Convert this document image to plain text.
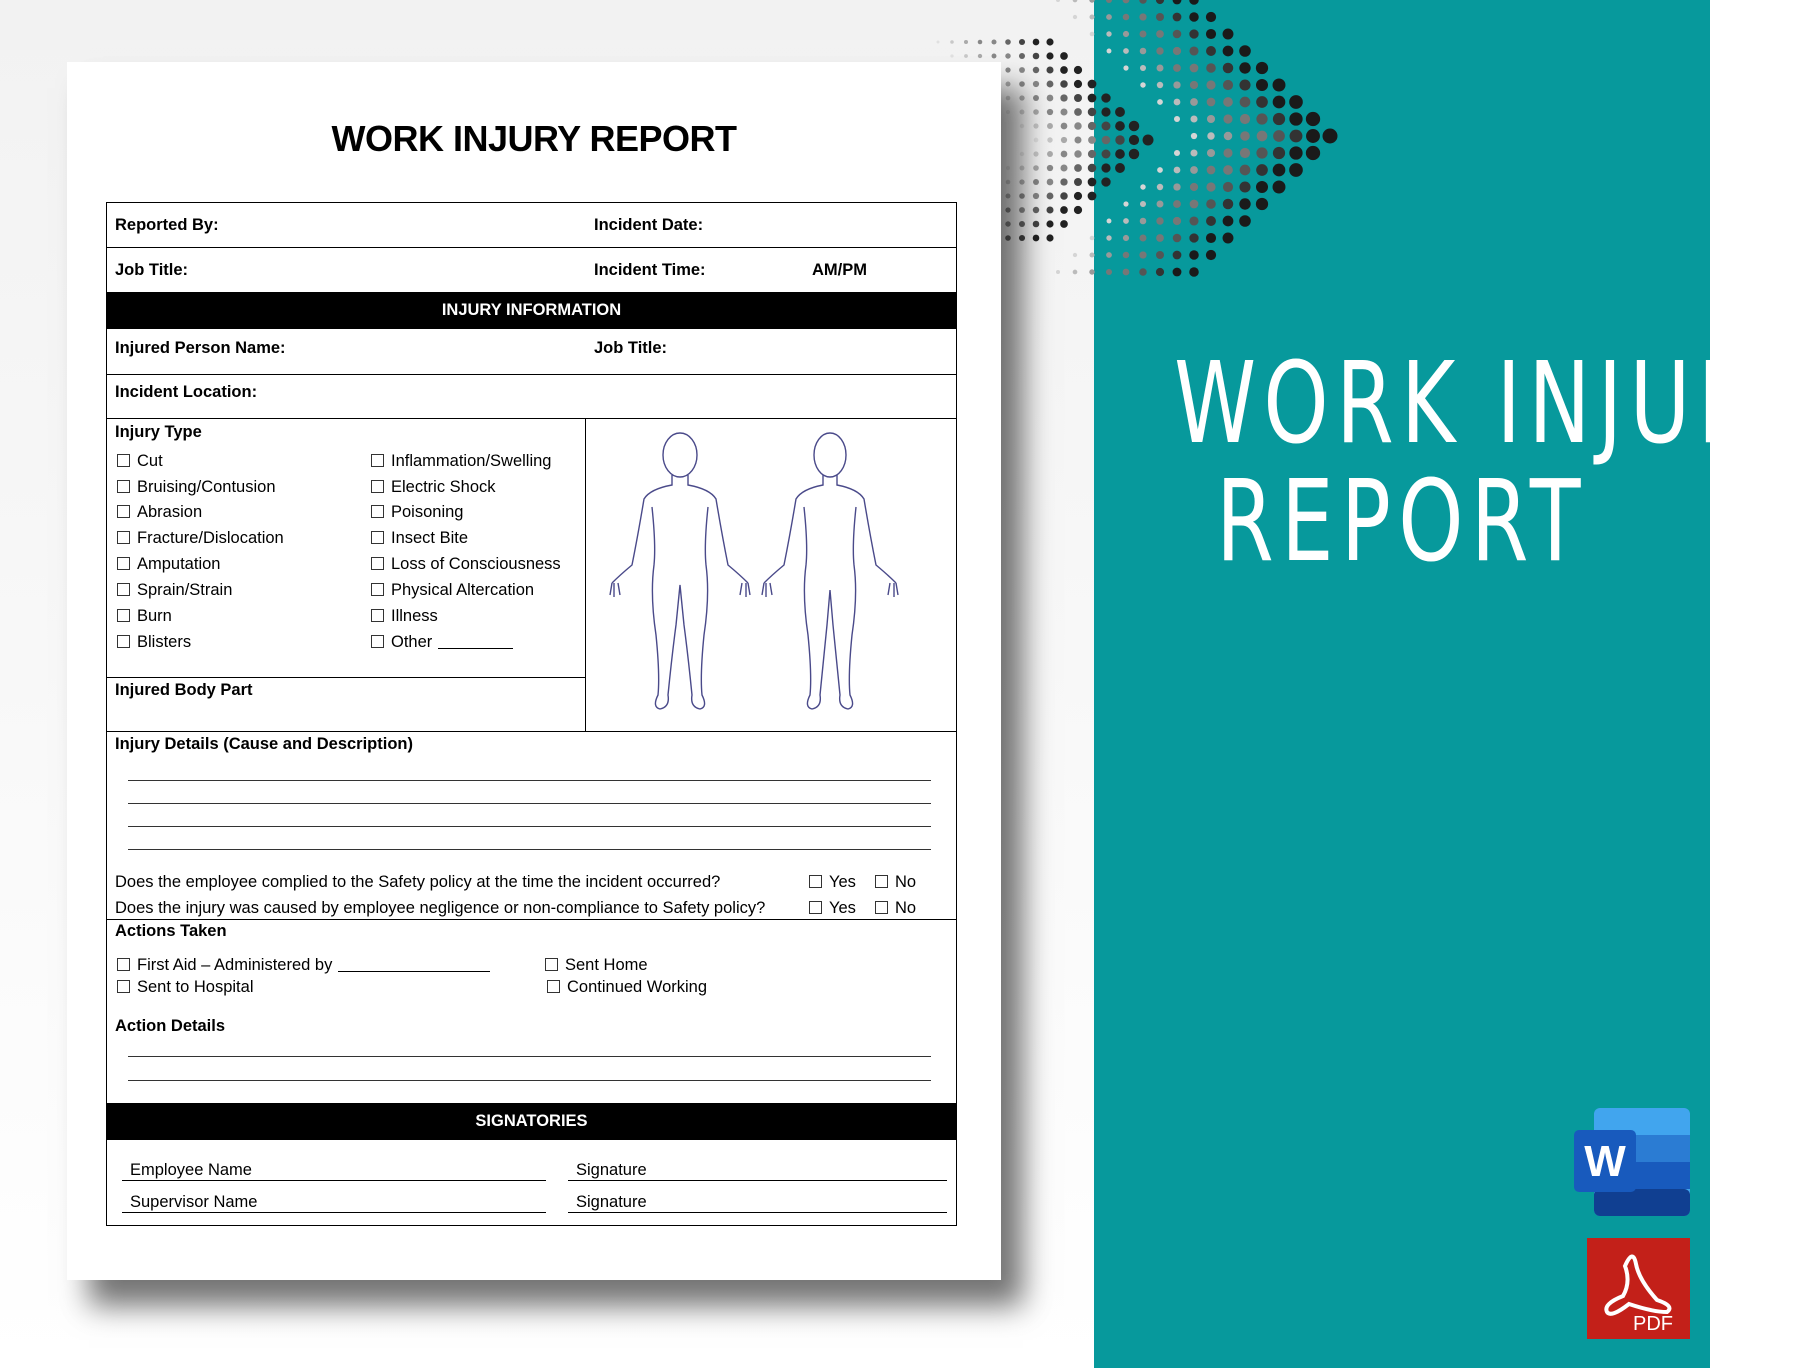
WORK INJURY
REPORT
WORK INJURY REPORT
Reported By:	Incident Date:
Job Title:	Incident Time:	AM/PM
INJURY INFORMATION
Injured Person Name:	Job Title:
Incident Location:
Injury Type
Cut
Bruising/Contusion
Abrasion
Fracture/Dislocation
Amputation
Sprain/Strain
Burn
Blisters
Inflammation/Swelling
Electric Shock
Poisoning
Insect Bite
Loss of Consciousness
Physical Altercation
Illness
Other
Injured Body Part
Injury Details (Cause and Description)
Does the employee complied to the Safety policy at the time the incident occurred?	Yes	No
Does the injury was caused by employee negligence or non-compliance to Safety policy?	Yes	No
Actions Taken
First Aid – Administered by	Sent Home
Sent to Hospital	Continued Working
Action Details
SIGNATORIES
Employee Name	Signature
Supervisor Name	Signature
W
PDF
